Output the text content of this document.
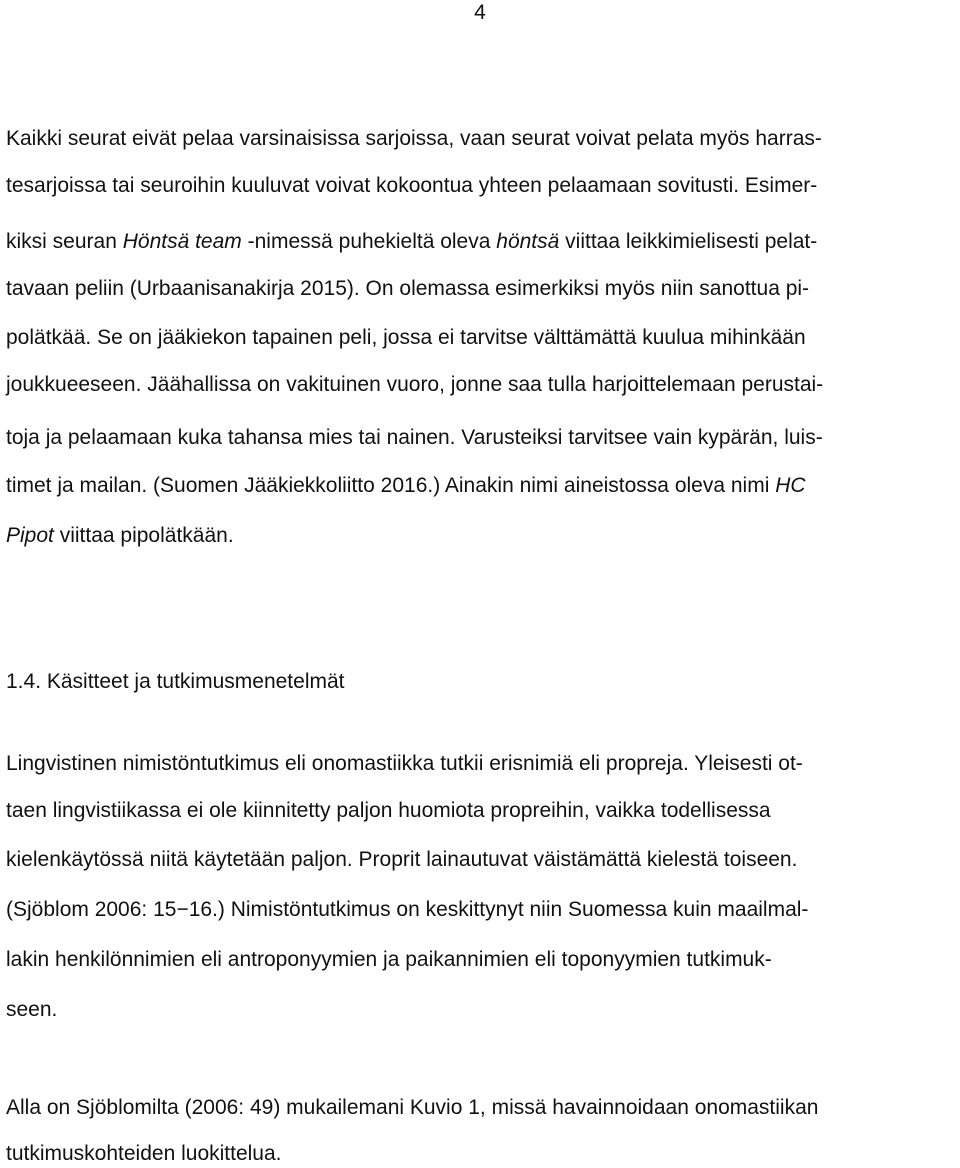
4
Kaikki seurat eivät pelaa varsinaisissa sarjoissa, vaan seurat voivat pelata myös harras-
tesarjoissa tai seuroihin kuuluvat voivat kokoontua yhteen pelaamaan sovitusti. Esimer-
kiksi seuran Höntsä team -nimessä puhekieltä oleva höntsä viittaa leikkimielisesti pelat-
tavaan peliin (Urbaanisanakirja 2015). On olemassa esimerkiksi myös niin sanottua pi-
polätkää. Se on jääkiekon tapainen peli, jossa ei tarvitse välttämättä kuulua mihinkään
joukkueeseen. Jäähallissa on vakituinen vuoro, jonne saa tulla harjoittelemaan perustai-
toja ja pelaamaan kuka tahansa mies tai nainen. Varusteiksi tarvitsee vain kypärän, luis-
timet ja mailan. (Suomen Jääkiekkoliitto 2016.) Ainakin nimi aineistossa oleva nimi HC
Pipot viittaa pipolätkään.
1.4. Käsitteet ja tutkimusmenetelmät
Lingvistinen nimistöntutkimus eli onomastiikka tutkii erisnimiä eli propreja. Yleisesti ot-
taen lingvistiikassa ei ole kiinnitetty paljon huomiota propreihin, vaikka todellisessa
kielenkäytössä niitä käytetään paljon. Proprit lainautuvat väistämättä kielestä toiseen.
(Sjöblom 2006: 15−16.) Nimistöntutkimus on keskittynyt niin Suomessa kuin maailmal-
lakin henkilönnimien eli antroponyymien ja paikannimien eli toponyymien tutkimuk-
seen.
Alla on Sjöblomilta (2006: 49) mukailemani Kuvio 1, missä havainnoidaan onomastiikan
tutkimuskohteiden luokittelua.
